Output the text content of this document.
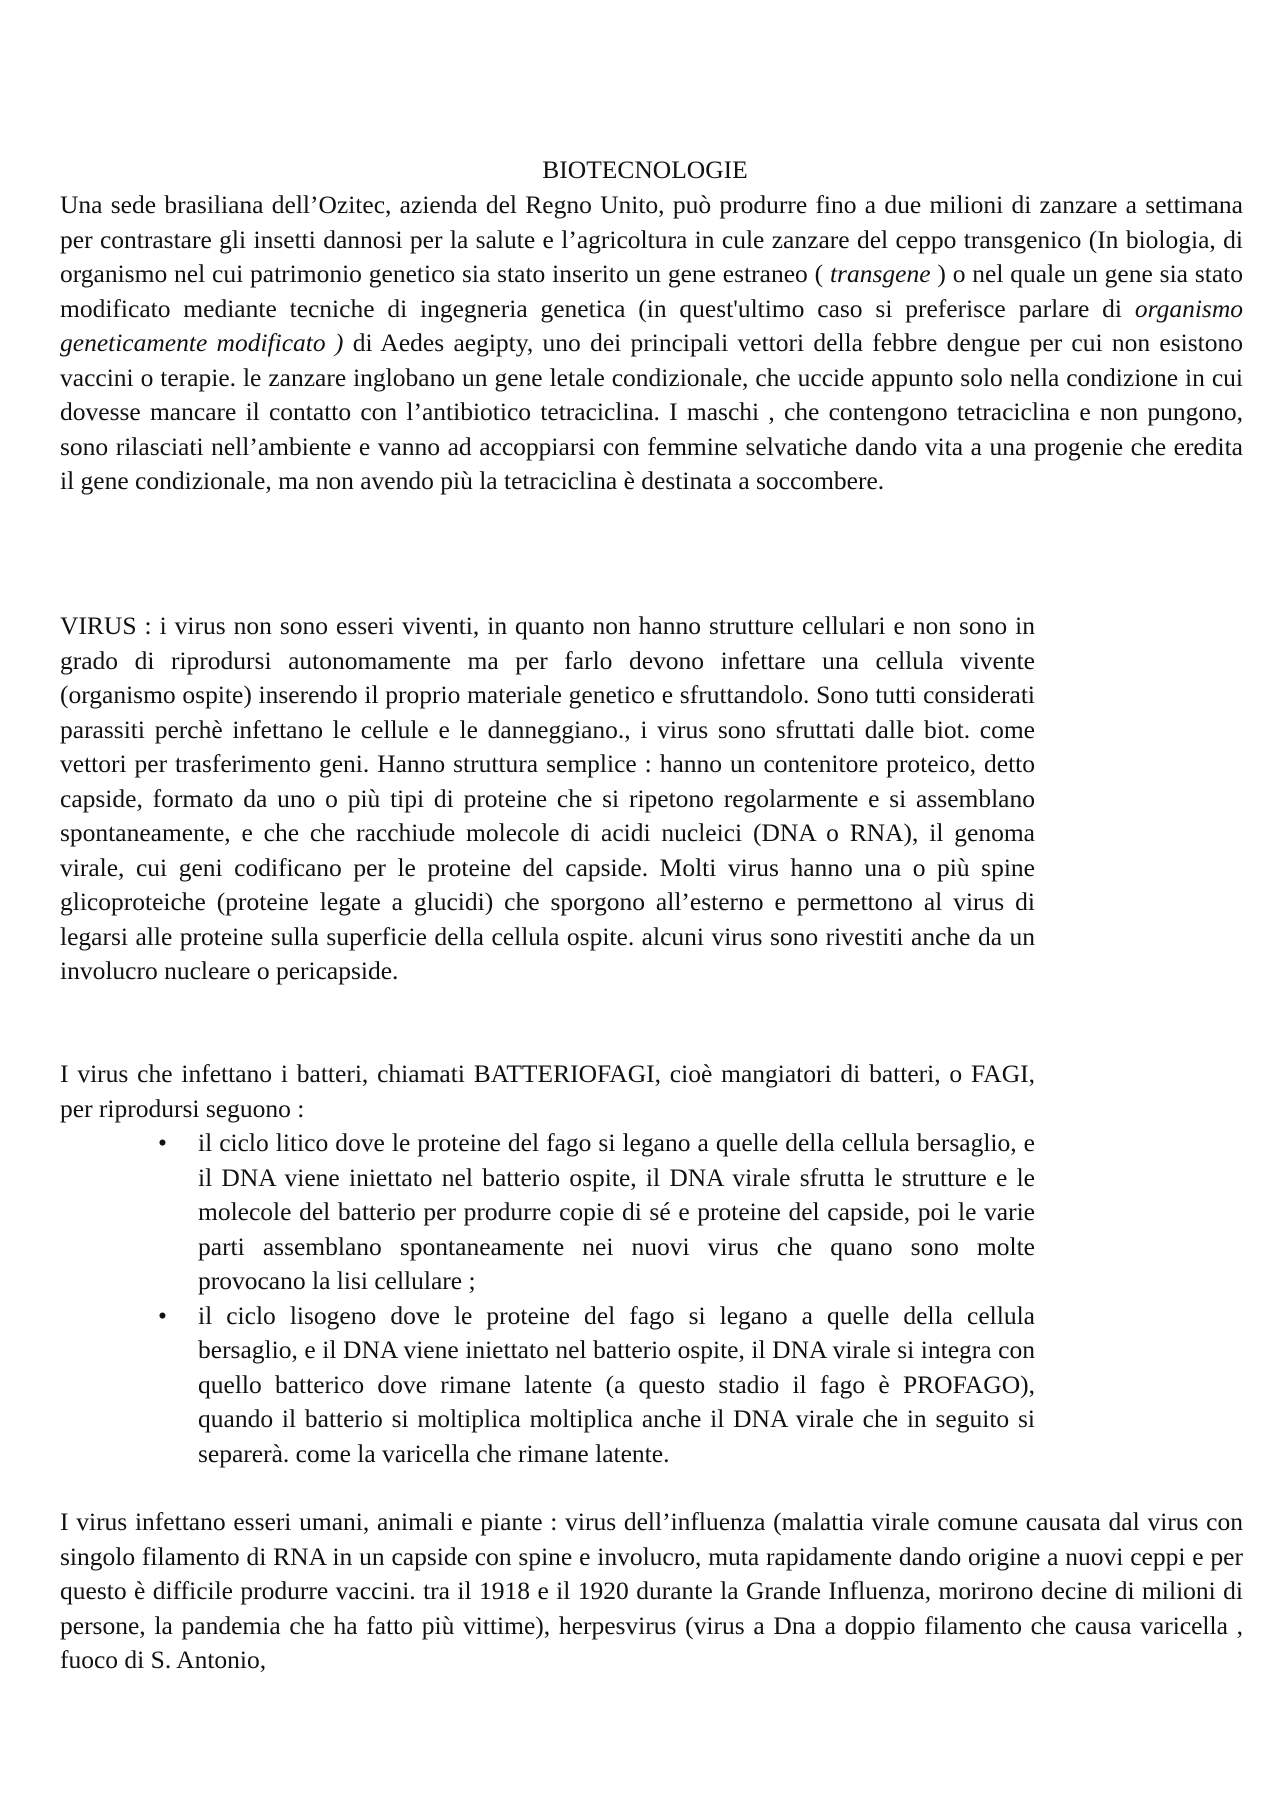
BIOTECNOLOGIE

Una sede brasiliana dell’Ozitec, azienda del Regno Unito, può produrre fino a due milioni di zanzare a settimana per contrastare gli insetti dannosi per la salute e l’agricoltura in cule zanzare del ceppo transgenico (In biologia, di organismo nel cui patrimonio genetico sia stato inserito un gene estraneo ( transgene ) o nel quale un gene sia stato modificato mediante tecniche di ingegneria genetica (in quest'ultimo caso si preferisce parlare di organismo geneticamente modificato ) di Aedes aegipty, uno dei principali vettori della febbre dengue per cui non esistono vaccini o terapie. le zanzare inglobano un gene letale condizionale, che uccide appunto solo nella condizione in cui dovesse mancare il contatto con l’antibiotico tetraciclina. I maschi , che contengono tetraciclina e non pungono, sono rilasciati nell’ambiente e vanno ad accoppiarsi con femmine selvatiche dando vita a una progenie che eredita il gene condizionale, ma non avendo più la tetraciclina è destinata a soccombere.

VIRUS : i virus non sono esseri viventi, in quanto non hanno strutture cellulari e non sono in grado di riprodursi autonomamente ma per farlo devono infettare una cellula vivente (organismo ospite) inserendo il proprio materiale genetico e sfruttandolo. Sono tutti considerati parassiti perchè infettano le cellule e le danneggiano., i virus sono sfruttati dalle biot. come vettori per trasferimento geni. Hanno struttura semplice : hanno un contenitore proteico, detto capside, formato da uno o più tipi di proteine che si ripetono regolarmente e si assemblano spontaneamente, e che che racchiude molecole di acidi nucleici (DNA o RNA), il genoma virale, cui geni codificano per le proteine del capside. Molti virus hanno una o più spine glicoproteiche (proteine legate a glucidi) che sporgono all’esterno e permettono al virus di legarsi alle proteine sulla superficie della cellula ospite. alcuni virus sono rivestiti anche da un involucro nucleare o pericapside.

I virus che infettano i batteri, chiamati BATTERIOFAGI, cioè mangiatori di batteri, o FAGI, per riprodursi seguono :

• il ciclo litico dove le proteine del fago si legano a quelle della cellula bersaglio, e il DNA viene iniettato nel batterio ospite, il DNA virale sfrutta le strutture e le molecole del batterio per produrre copie di sé e proteine del capside, poi le varie parti assemblano spontaneamente nei nuovi virus che quano sono molte provocano la lisi cellulare ;
• il ciclo lisogeno dove le proteine del fago si legano a quelle della cellula bersaglio, e il DNA viene iniettato nel batterio ospite, il DNA virale si integra con quello batterico dove rimane latente (a questo stadio il fago è PROFAGO), quando il batterio si moltiplica moltiplica anche il DNA virale che in seguito si separerà. come la varicella che rimane latente.

I virus infettano esseri umani, animali e piante : virus dell’influenza (malattia virale comune causata dal virus con singolo filamento di RNA in un capside con spine e involucro, muta rapidamente dando origine a nuovi ceppi e per questo è difficile produrre vaccini. tra il 1918 e il 1920 durante la Grande Influenza, morirono decine di milioni di persone, la pandemia che ha fatto più vittime), herpesvirus (virus a Dna a doppio filamento che causa varicella , fuoco di S. Antonio,
